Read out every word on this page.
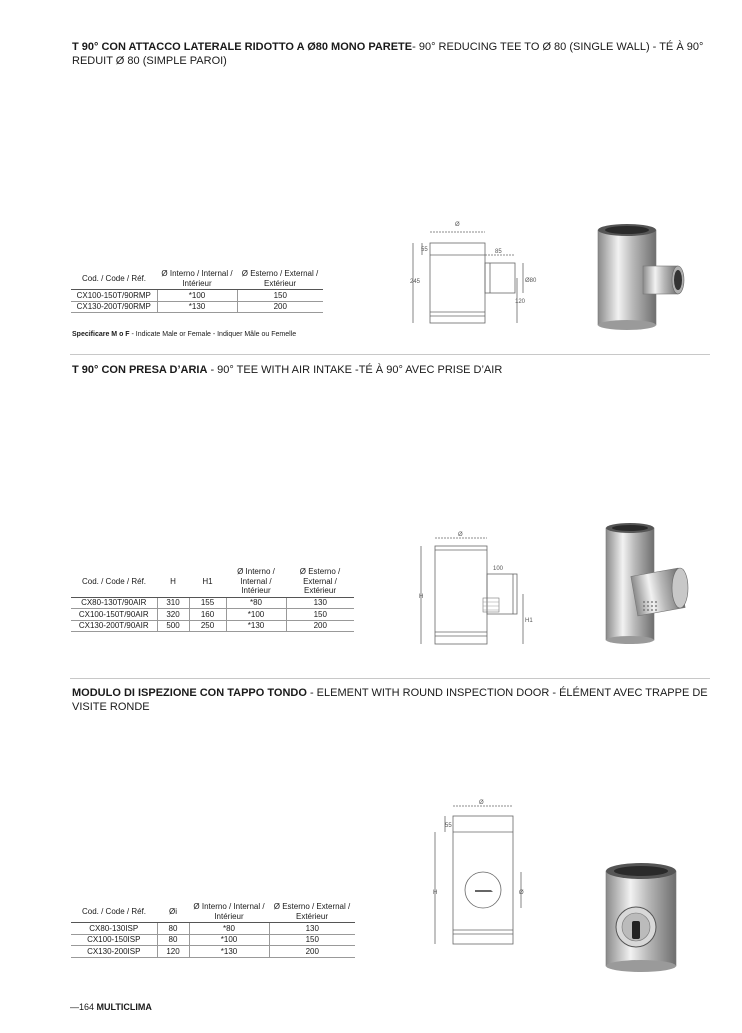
T 90° CON ATTACCO LATERALE RIDOTTO A Ø80 MONO PARETE- 90° REDUCING TEE TO Ø 80 (SINGLE WALL) - TÉ À 90° REDUIT Ø 80 (SIMPLE PAROI)
Cod. / Code / Réf.	Ø Interno / Internal / Intérieur	Ø Esterno / External / Extérieur
CX100-150T/90RMP	*100	150
CX130-200T/90RMP	*130	200
Specificare M o F - Indicate Male or Female - Indiquer Mâle ou Femelle
Ø
55	85
245	Ø80
120
T 90° CON PRESA D’ARIA - 90° TEE WITH AIR INTAKE -TÉ À 90° AVEC PRISE D’AIR
Cod. / Code / Réf.	H	H1	Ø Interno / Internal / Intérieur	Ø Esterno / External / Extérieur
CX80-130T/90AIR	310	155	*80	130
CX100-150T/90AIR	320	160	*100	150
CX130-200T/90AIR	500	250	*130	200
Ø
100
H
H1
MODULO DI ISPEZIONE CON TAPPO TONDO - ELEMENT WITH ROUND INSPECTION DOOR - ÉLÉMENT AVEC TRAPPE DE VISITE RONDE
Cod. / Code / Réf.	Øi	Ø Interno / Internal / Intérieur	Ø Esterno / External / Extérieur
CX80-130ISP	80	*80	130
CX100-150ISP	80	*100	150
CX130-200ISP	120	*130	200
Ø
55
H	Ø
—164 MULTICLIMA
